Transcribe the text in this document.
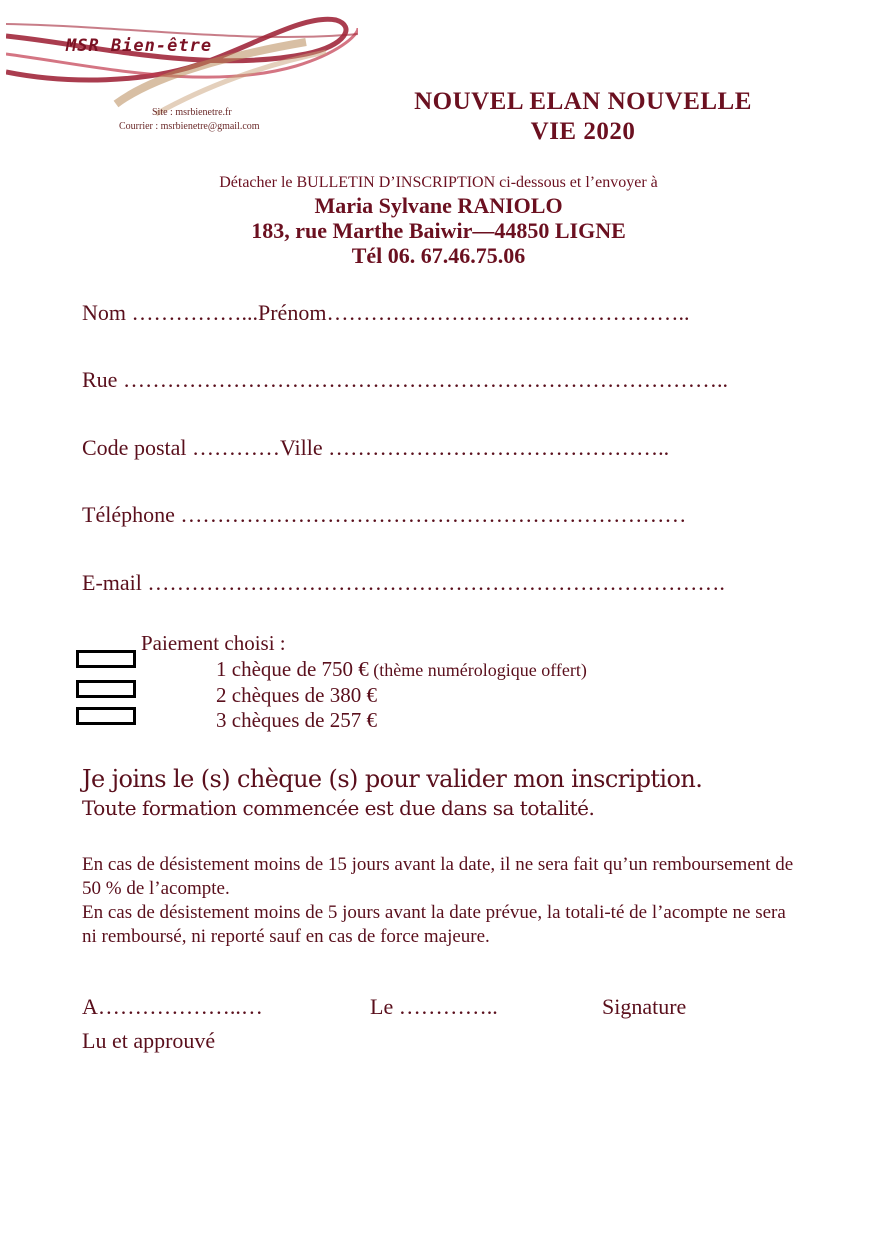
MSR Bien-être
Site : msrbienetre.fr
Courrier : msrbienetre@gmail.com
NOUVEL ELAN NOUVELLE
VIE 2020
Détacher le BULLETIN D’INSCRIPTION ci-dessous et l’envoyer à
Maria Sylvane RANIOLO
183, rue Marthe Baiwir—44850 LIGNE
Tél 06. 67.46.75.06
Nom ……………...Prénom…………………………………………..
Rue ………………………………………………………………………..
Code postal …………Ville ………………………………………..
Téléphone ……………………………………………………………
E-mail …………………………………………………………………….
Paiement choisi :
1 chèque de 750 € (thème numérologique offert)
2 chèques de 380 €
3 chèques de 257 €
Je joins le (s) chèque (s) pour valider mon inscription.
Toute formation commencée est due dans sa totalité.
En cas de désistement moins de 15 jours avant la date, il ne sera fait qu’un remboursement de 50 % de l’acompte.
En cas de désistement moins de 5 jours avant la date prévue, la totali-té de l’acompte ne sera ni remboursé, ni reporté sauf en cas de force majeure.
A………………..…	Le …………..	Signature
Lu et approuvé
